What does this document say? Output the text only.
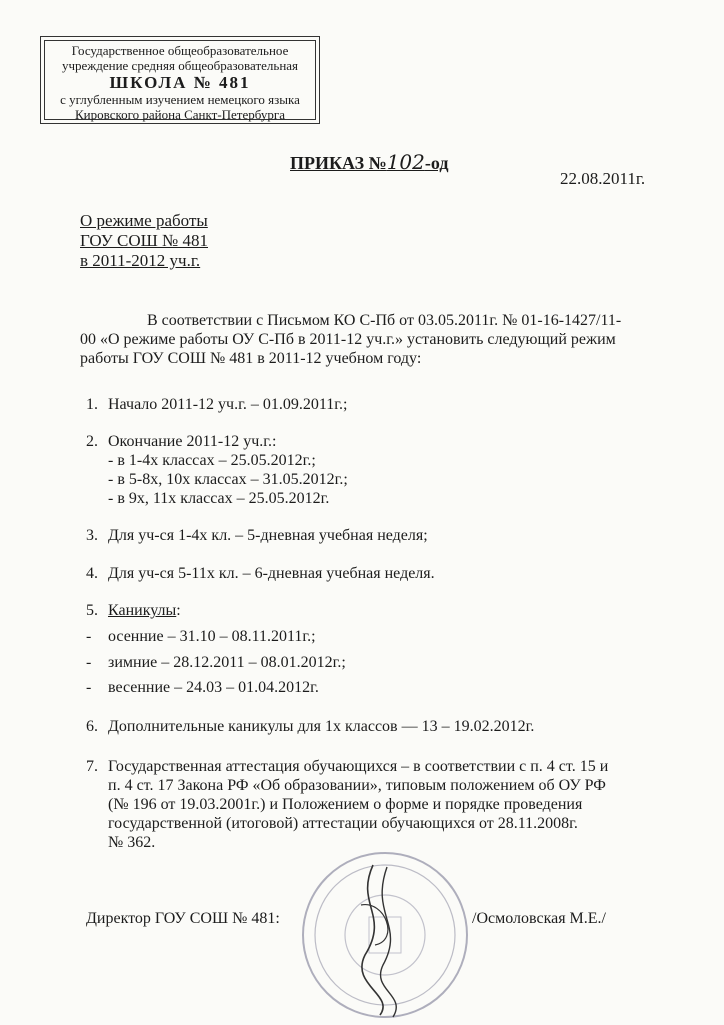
Государственное общеобразовательное
учреждение средняя общеобразовательная
ШКОЛА № 481
с углубленным изучением немецкого языка
Кировского района Санкт-Петербурга
ПРИКАЗ №102-од
22.08.2011г.
О режиме работы
ГОУ СОШ № 481
в 2011-2012 уч.г.
В соответствии с Письмом КО С-Пб от 03.05.2011г. № 01-16-1427/11-
00 «О режиме работы ОУ С-Пб в 2011-12 уч.г.» установить следующий режим
работы ГОУ СОШ № 481 в 2011-12 учебном году:
1. Начало 2011-12 уч.г. – 01.09.2011г.;
2. Окончание 2011-12 уч.г.:
- в 1-4х классах – 25.05.2012г.;
- в 5-8х, 10х классах – 31.05.2012г.;
- в 9х, 11х классах – 25.05.2012г.
3. Для уч-ся 1-4х кл. – 5-дневная учебная неделя;
4. Для уч-ся 5-11х кл. – 6-дневная учебная неделя.
5. Каникулы:
- осенние – 31.10 – 08.11.2011г.;
- зимние – 28.12.2011 – 08.01.2012г.;
- весенние – 24.03 – 01.04.2012г.
6. Дополнительные каникулы для 1х классов — 13 – 19.02.2012г.
7. Государственная аттестация обучающихся – в соответствии с п. 4 ст. 15 и
п. 4 ст. 17 Закона РФ «Об образовании», типовым положением об ОУ РФ
(№ 196 от 19.03.2001г.) и Положением о форме и порядке проведения
государственной (итоговой) аттестации обучающихся от 28.11.2008г.
№ 362.
Директор ГОУ СОШ № 481:	/Осмоловская М.Е./
